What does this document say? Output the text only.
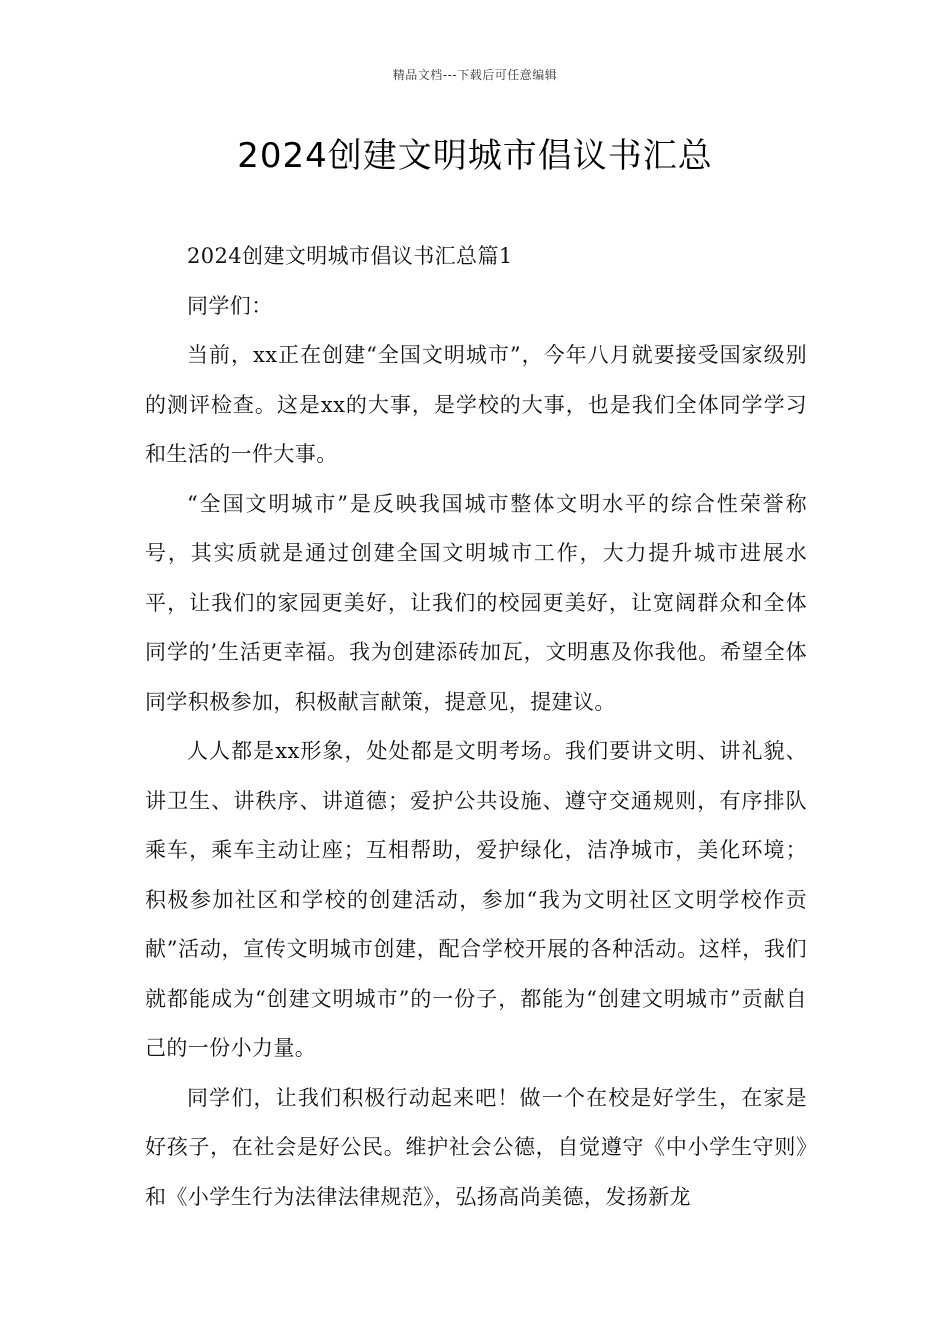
精品文档---下载后可任意编辑
2024创建文明城市倡议书汇总

2024创建文明城市倡议书汇总篇1

同学们：

当前，xx正在创建“全国文明城市”，今年八月就要接受国家级别的测评检查。这是xx的大事，是学校的大事，也是我们全体同学学习和生活的一件大事。

“全国文明城市”是反映我国城市整体文明水平的综合性荣誉称号，其实质就是通过创建全国文明城市工作，大力提升城市进展水平，让我们的家园更美好，让我们的校园更美好，让宽阔群众和全体同学的’生活更幸福。我为创建添砖加瓦，文明惠及你我他。希望全体同学积极参加，积极献言献策，提意见，提建议。

人人都是xx形象，处处都是文明考场。我们要讲文明、讲礼貌、讲卫生、讲秩序、讲道德；爱护公共设施、遵守交通规则，有序排队乘车，乘车主动让座；互相帮助，爱护绿化，洁净城市，美化环境；积极参加社区和学校的创建活动，参加“我为文明社区文明学校作贡献”活动，宣传文明城市创建，配合学校开展的各种活动。这样，我们就都能成为“创建文明城市”的一份子，都能为“创建文明城市”贡献自己的一份小力量。

同学们，让我们积极行动起来吧！做一个在校是好学生，在家是好孩子，在社会是好公民。维护社会公德，自觉遵守《中小学生守则》和《小学生行为法律法律规范》，弘扬高尚美德，发扬新龙
